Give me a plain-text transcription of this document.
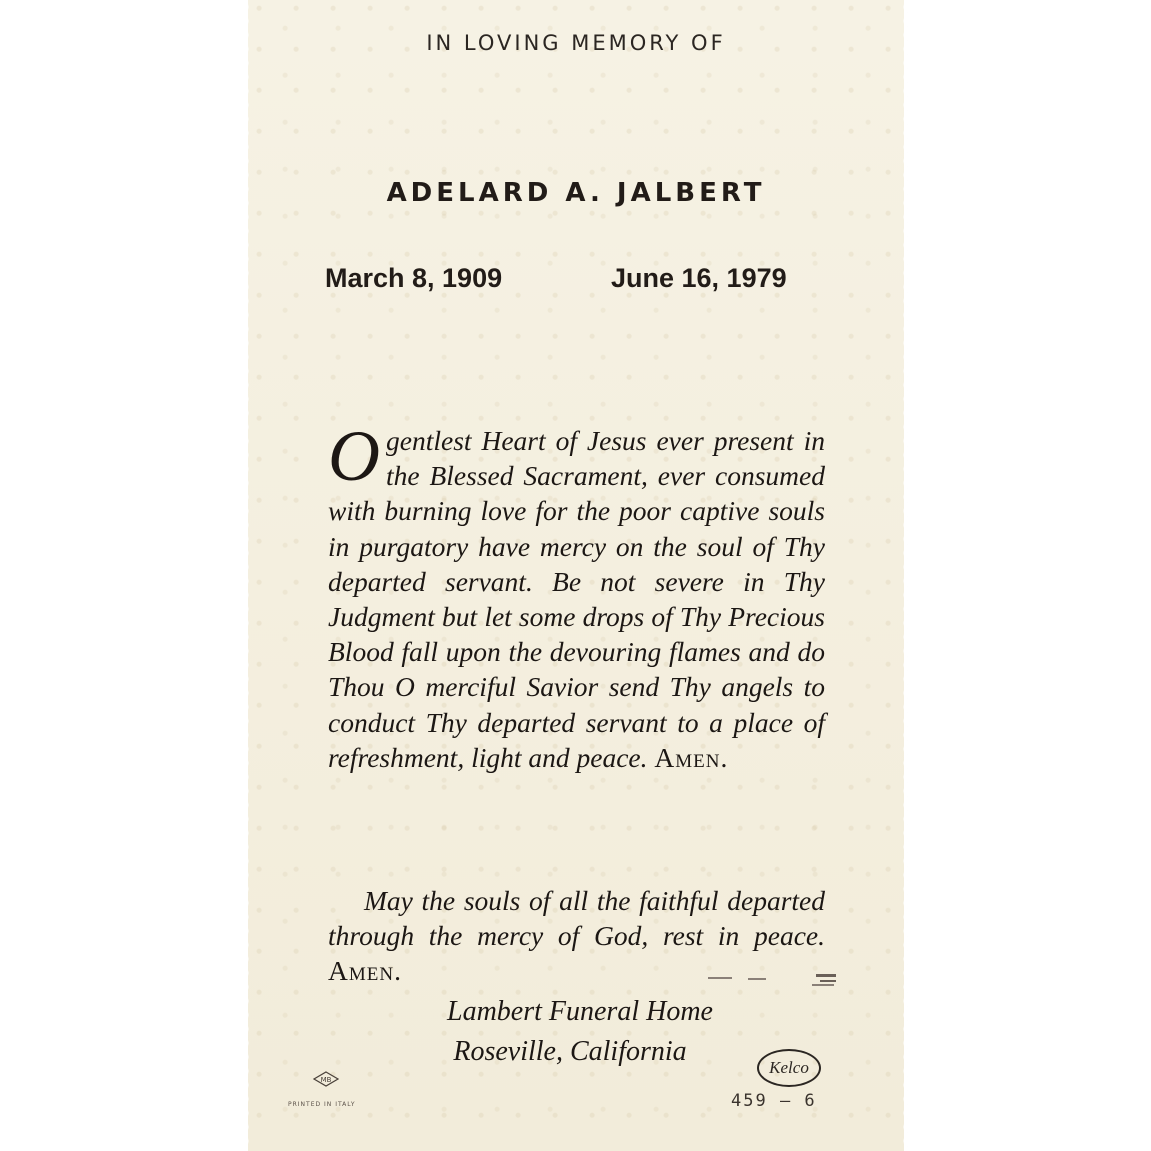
IN LOVING MEMORY OF
ADELARD A. JALBERT
March 8, 1909	June 16, 1979
Ogentlest Heart of Jesus ever present in the Blessed Sacrament, ever consumed with burning love for the poor captive souls in purgatory have mercy on the soul of Thy departed servant. Be not severe in Thy Judgment but let some drops of Thy Precious Blood fall upon the devouring flames and do Thou O merciful Savior send Thy angels to conduct Thy departed servant to a place of refreshment, light and peace. Amen.
May the souls of all the faithful departed through the mercy of God, rest in peace. Amen.
Lambert Funeral Home
Roseville, California
Kelco
MB
PRINTED IN ITALY	459 — 6
